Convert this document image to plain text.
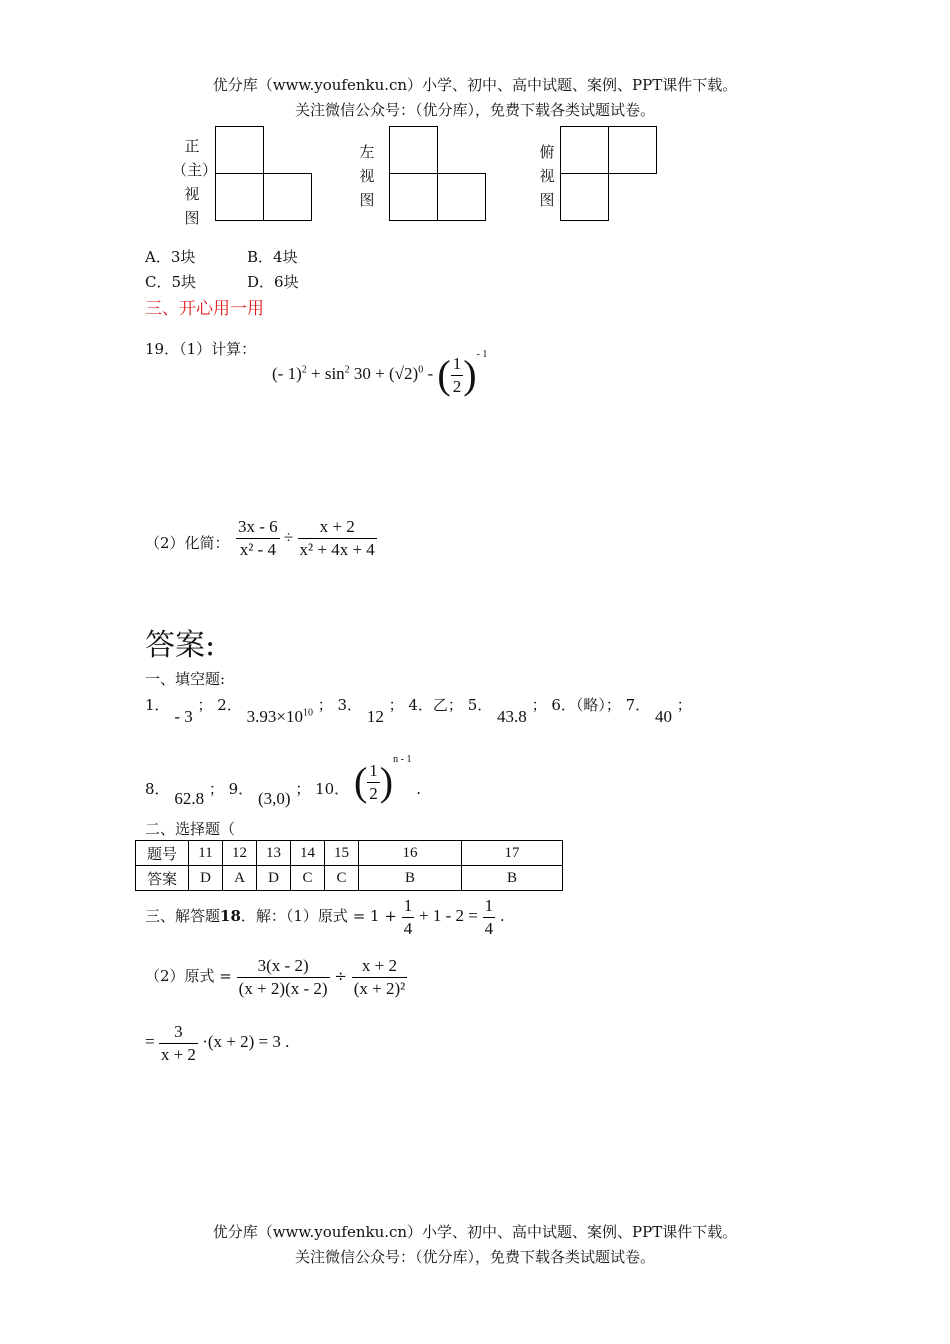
优分库（www.youfenku.cn）小学、初中、高中试题、案例、PPT课件下载。
关注微信公众号：（优分库），免费下载各类试题试卷。
正
（主）
视
图
左
视
图
俯
视
图
A．3块	B．4块
C．5块	D．6块
三、开心用一用
19．（1）计算：
(- $1)^2 + \sin^2 30 + (√2)^0$ - ( $\frac{1}{2} )^{- 1}$
（2）化简： $\frac{3x - 6}{\text{x² - 4}} \div \frac{x + 2}{\text{x² + 4x + 4}}$
答案:
一、填空题:
1． - 3 ； 2． $3.93\times 10^{10}$ ； 3． 12 ； 4．乙； 5． 43.8 ； 6．（略）； 7． 40 ；
8． 62.8 ； 9． (3,0) ； 10． ( $\frac{1}{2} )^{n - 1}$ .
二、选择题（
题号	11	12	13	14	15	16	17
答案	D	A	D	C	C	B	B
三、解答题18．解：（1）原式 = $1 + \frac{1}{4} + 1 - 2 = \frac{1}{4}$ .
（2）原式 = $\frac{3(x - 2)}{(x + 2)(x - 2)} \div \frac{x + 2}{\text{(x + 2)²}}$
= $\frac{3}{x + 2} \cdot(x + 2) = 3$ .
优分库（www.youfenku.cn）小学、初中、高中试题、案例、PPT课件下载。
关注微信公众号：（优分库），免费下载各类试题试卷。
